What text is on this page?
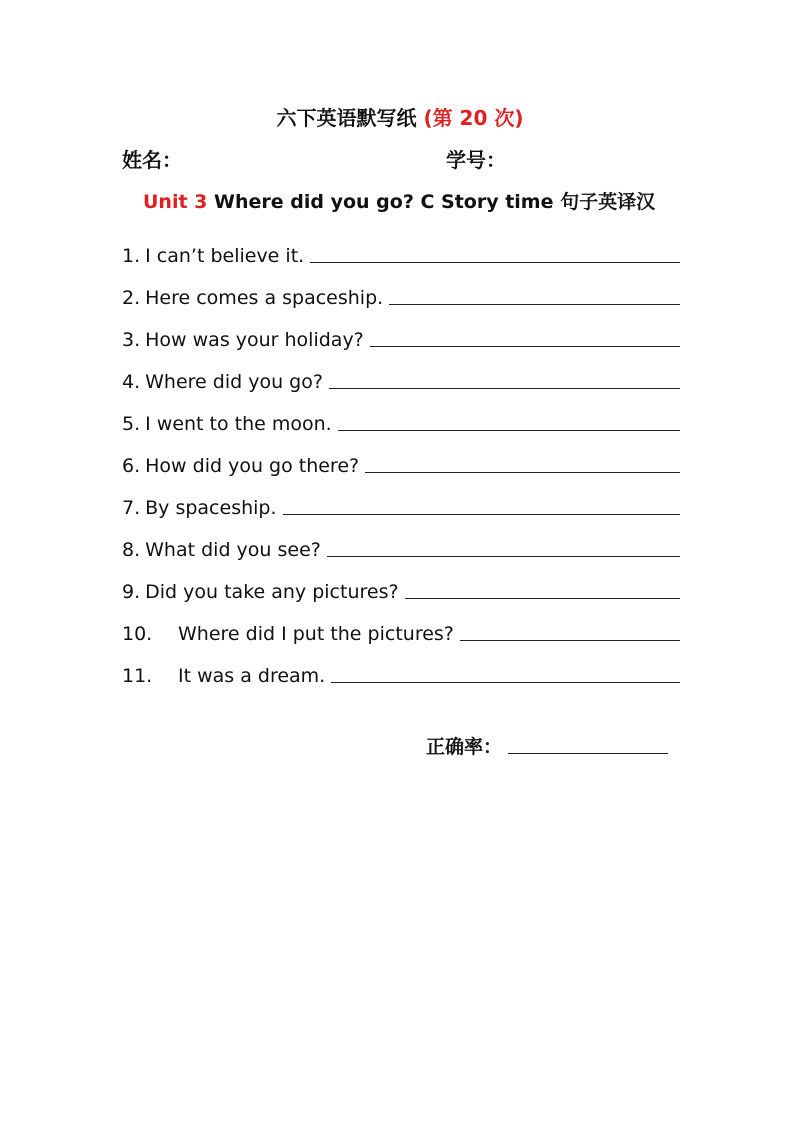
六下英语默写纸 (第 20 次)
姓名：	学号：
Unit 3 Where did you go? C Story time 句子英译汉
1. I can’t believe it.
2. Here comes a spaceship.
3. How was your holiday?
4. Where did you go?
5. I went to the moon.
6. How did you go there?
7. By spaceship.
8. What did you see?
9. Did you take any pictures?
10.	Where did I put the pictures?
11.	It was a dream.
正确率：
